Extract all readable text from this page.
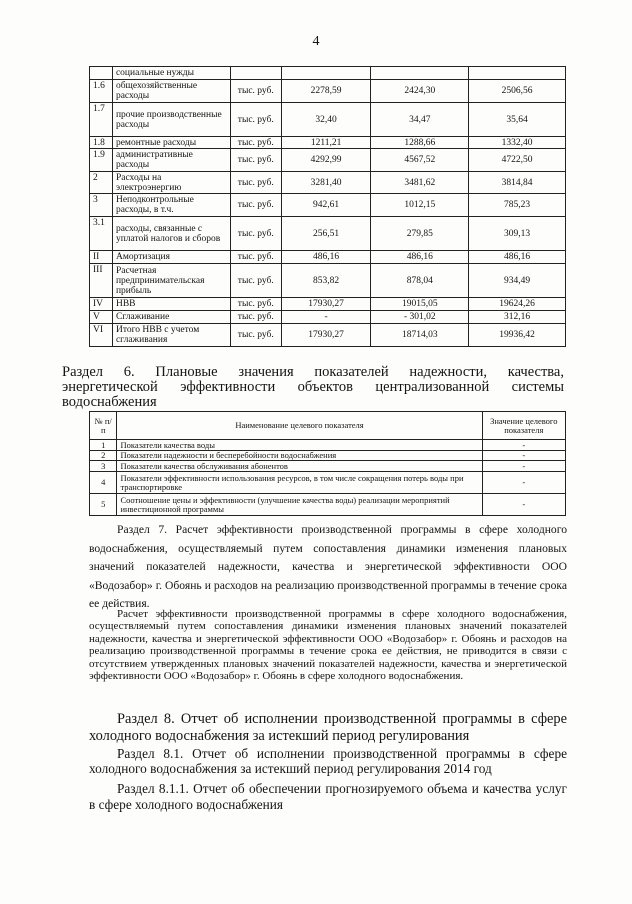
4
	социальные нужды				
1.6	общехозяйственные расходы	тыс. руб.	2278,59	2424,30	2506,56
1.7	прочие производственные расходы	тыс. руб.	32,40	34,47	35,64
1.8	ремонтные расходы	тыс. руб.	1211,21	1288,66	1332,40
1.9	административные расходы	тыс. руб.	4292,99	4567,52	4722,50
2	Расходы на электроэнергию	тыс. руб.	3281,40	3481,62	3814,84
3	Неподконтрольные расходы, в т.ч.	тыс. руб.	942,61	1012,15	785,23
3.1	расходы, связанные с уплатой налогов и сборов	тыс. руб.	256,51	279,85	309,13
II	Амортизация	тыс. руб.	486,16	486,16	486,16
III	Расчетная предпринимательская прибыль	тыс. руб.	853,82	878,04	934,49
IV	НВВ	тыс. руб.	17930,27	19015,05	19624,26
V	Сглаживание	тыс. руб.	-	- 301,02	312,16
VI	Итого НВВ с учетом сглаживания	тыс. руб.	17930,27	18714,03	19936,42
Раздел 6. Плановые значения показателей надежности, качества,
энергетической эффективности объектов централизованной системы
водоснабжения
№ п/п	Наименование целевого показателя	Значение целевого показателя
1	Показатели качества воды	-
2	Показатели надежности и бесперебойности водоснабжения	-
3	Показатели качества обслуживания абонентов	-
4	Показатели эффективности использования ресурсов, в том числе сокращения потерь воды при транспортировке	-
5	Соотношение цены и эффективности (улучшение качества воды) реализации мероприятий инвестиционной программы	-
Раздел 7. Расчет эффективности производственной программы в сфере холодного водоснабжения, осуществляемый путем сопоставления динамики изменения плановых значений показателей надежности, качества и энергетической эффективности ООО «Водозабор» г. Обоянь и расходов на реализацию производственной программы в течение срока ее действия.
Расчет эффективности производственной программы в сфере холодного водоснабжения, осуществляемый путем сопоставления динамики изменения плановых значений показателей надежности, качества и энергетической эффективности ООО «Водозабор» г. Обоянь и расходов на реализацию производственной программы в течение срока ее действия, не приводится в связи с отсутствием утвержденных плановых значений показателей надежности, качества и энергетической эффективности ООО «Водозабор» г. Обоянь в сфере холодного водоснабжения.
Раздел 8. Отчет об исполнении производственной программы в сфере холодного водоснабжения за истекший период регулирования
Раздел 8.1. Отчет об исполнении производственной программы в сфере холодного водоснабжения за истекший период регулирования 2014 год
Раздел 8.1.1. Отчет об обеспечении прогнозируемого объема и качества услуг в сфере холодного водоснабжения
